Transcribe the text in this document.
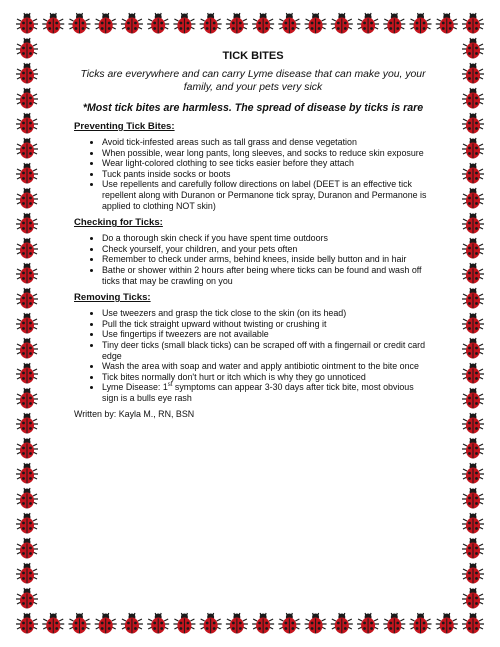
TICK BITES
Ticks are everywhere and can carry Lyme disease that can make you, your family, and your pets very sick
*Most tick bites are harmless. The spread of disease by ticks is rare
Preventing Tick Bites:
• Avoid tick-infested areas such as tall grass and dense vegetation
• When possible, wear long pants, long sleeves, and socks to reduce skin exposure
• Wear light-colored clothing to see ticks easier before they attach
• Tuck pants inside socks or boots
• Use repellents and carefully follow directions on label (DEET is an effective tick repellent along with Duranon or Permanone tick spray, Duranon and Permanone is applied to clothing NOT skin)
Checking for Ticks:
• Do a thorough skin check if you have spent time outdoors
• Check yourself, your children, and your pets often
• Remember to check under arms, behind knees, inside belly button and in hair
• Bathe or shower within 2 hours after being where ticks can be found and wash off ticks that may be crawling on you
Removing Ticks:
• Use tweezers and grasp the tick close to the skin (on its head)
• Pull the tick straight upward without twisting or crushing it
• Use fingertips if tweezers are not available
• Tiny deer ticks (small black ticks) can be scraped off with a fingernail or credit card edge
• Wash the area with soap and water and apply antibiotic ointment to the bite once
• Tick bites normally don't hurt or itch which is why they go unnoticed
• Lyme Disease: 1st symptoms can appear 3-30 days after tick bite, most obvious sign is a bulls eye rash
Written by: Kayla M., RN, BSN
